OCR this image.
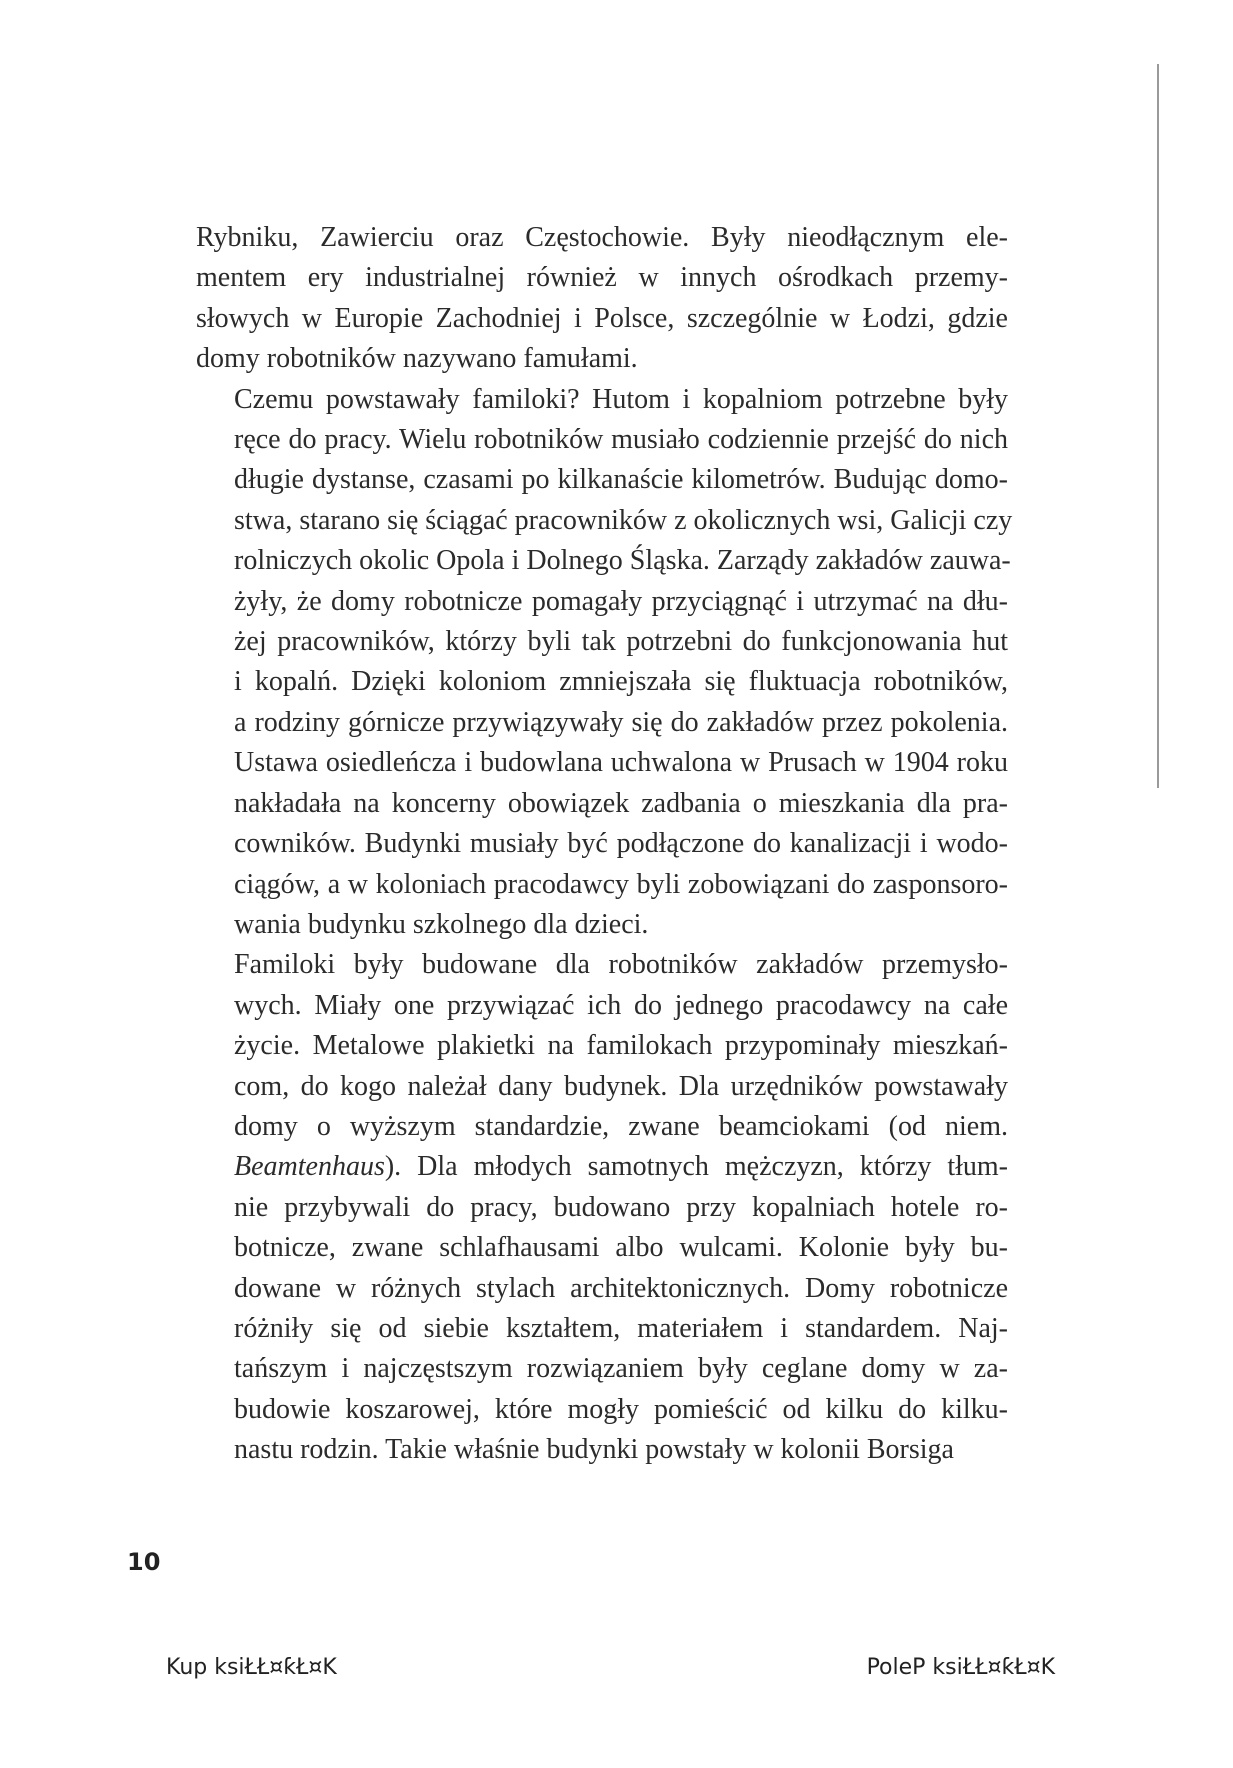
Rybniku, Zawierciu oraz Częstochowie. Były nieodłącznym ele-
mentem ery industrialnej również w innych ośrodkach przemy-
słowych w Europie Zachodniej i Polsce, szczególnie w Łodzi, gdzie
domy robotników nazywano famułami.

Czemu powstawały familoki? Hutom i kopalniom potrzebne były
ręce do pracy. Wielu robotników musiało codziennie przejść do nich
długie dystanse, czasami po kilkanaście kilometrów. Budując domo-
stwa, starano się ściągać pracowników z okolicznych wsi, Galicji czy
rolniczych okolic Opola i Dolnego Śląska. Zarządy zakładów zauwa-
żyły, że domy robotnicze pomagały przyciągnąć i utrzymać na dłu-
żej pracowników, którzy byli tak potrzebni do funkcjonowania hut
i kopalń. Dzięki koloniom zmniejszała się fluktuacja robotników,
a rodziny górnicze przywiązywały się do zakładów przez pokolenia.
Ustawa osiedleńcza i budowlana uchwalona w Prusach w 1904 roku
nakładała na koncerny obowiązek zadbania o mieszkania dla pra-
cowników. Budynki musiały być podłączone do kanalizacji i wodo-
ciągów, a w koloniach pracodawcy byli zobowiązani do zasponsoro-
wania budynku szkolnego dla dzieci.

Familoki były budowane dla robotników zakładów przemysło-
wych. Miały one przywiązać ich do jednego pracodawcy na całe
życie. Metalowe plakietki na familokach przypominały mieszkań-
com, do kogo należał dany budynek. Dla urzędników powstawały
domy o wyższym standardzie, zwane beamciokami (od niem.
Beamtenhaus). Dla młodych samotnych mężczyzn, którzy tłum-
nie przybywali do pracy, budowano przy kopalniach hotele ro-
botnicze, zwane schlafhausami albo wulcami. Kolonie były bu-
dowane w różnych stylach architektonicznych. Domy robotnicze
różniły się od siebie kształtem, materiałem i standardem. Naj-
tańszym i najczęstszym rozwiązaniem były ceglane domy w za-
budowie koszarowej, które mogły pomieścić od kilku do kilku-
nastu rodzin. Takie właśnie budynki powstały w kolonii Borsiga

10
Kup ksiŁŁ¤ƙŁ¤K	PoleP ksiŁŁ¤ƙŁ¤K
